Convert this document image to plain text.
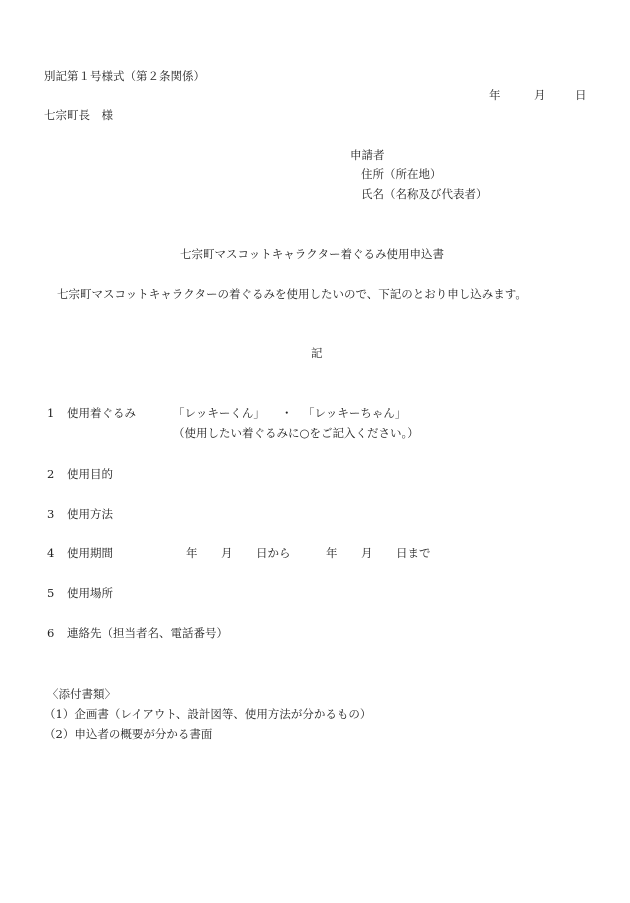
別記第１号様式（第２条関係）
年	月	日
七宗町長　様
申請者
住所（所在地）
氏名（名称及び代表者）
七宗町マスコットキャラクター着ぐるみ使用申込書
七宗町マスコットキャラクターの着ぐるみを使用したいので、下記のとおり申し込みます。
記
1 使用着ぐるみ	「レッキーくん」 ・ 「レッキーちゃん」
（使用したい着ぐるみに○をご記入ください。）
2 使用目的
3 使用方法
4 使用期間	年 月 日から	年 月 日まで
5 使用場所
6 連絡先（担当者名、電話番号）
〈添付書類〉
（1）企画書（レイアウト、設計図等、使用方法が分かるもの）
（2）申込者の概要が分かる書面
